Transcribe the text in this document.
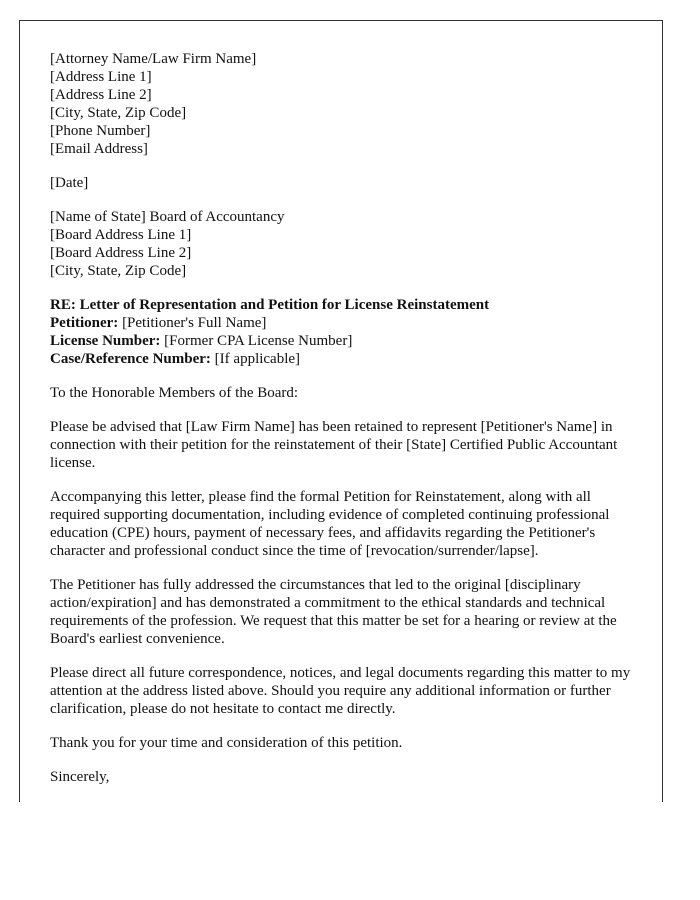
[Attorney Name/Law Firm Name]
[Address Line 1]
[Address Line 2]
[City, State, Zip Code]
[Phone Number]
[Email Address]

[Date]

[Name of State] Board of Accountancy
[Board Address Line 1]
[Board Address Line 2]
[City, State, Zip Code]

RE: Letter of Representation and Petition for License Reinstatement
Petitioner: [Petitioner's Full Name]
License Number: [Former CPA License Number]
Case/Reference Number: [If applicable]

To the Honorable Members of the Board:

Please be advised that [Law Firm Name] has been retained to represent [Petitioner's Name] in connection with their petition for the reinstatement of their [State] Certified Public Accountant license.

Accompanying this letter, please find the formal Petition for Reinstatement, along with all required supporting documentation, including evidence of completed continuing professional education (CPE) hours, payment of necessary fees, and affidavits regarding the Petitioner's character and professional conduct since the time of [revocation/surrender/lapse].

The Petitioner has fully addressed the circumstances that led to the original [disciplinary action/expiration] and has demonstrated a commitment to the ethical standards and technical requirements of the profession. We request that this matter be set for a hearing or review at the Board's earliest convenience.

Please direct all future correspondence, notices, and legal documents regarding this matter to my attention at the address listed above. Should you require any additional information or further clarification, please do not hesitate to contact me directly.

Thank you for your time and consideration of this petition.

Sincerely,
